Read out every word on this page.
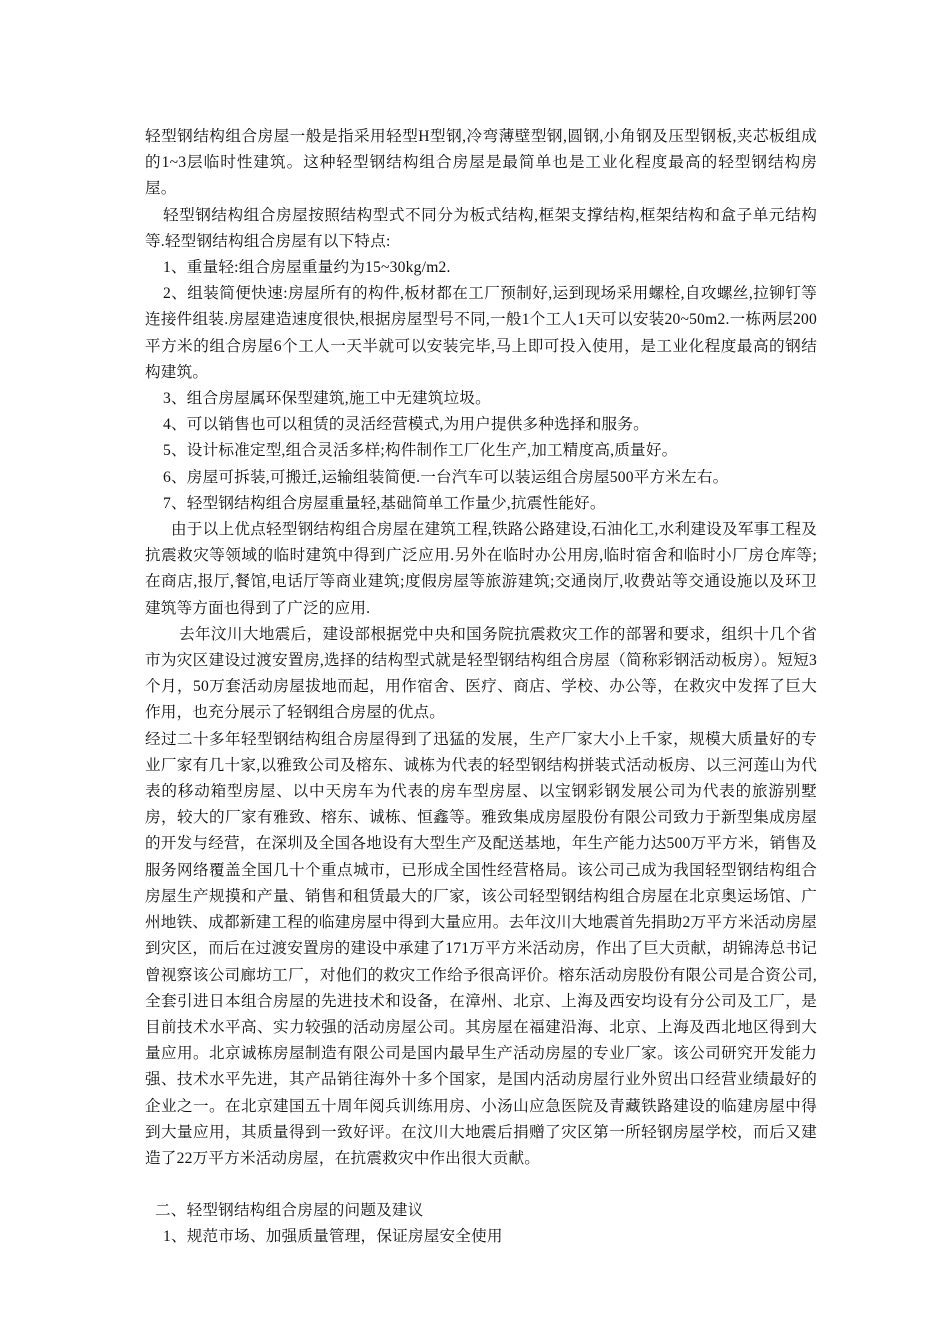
轻型钢结构组合房屋一般是指采用轻型H型钢,冷弯薄壁型钢,圆钢,小角钢及压型钢板,夹芯板组成的1~3层临时性建筑。这种轻型钢结构组合房屋是最简单也是工业化程度最高的轻型钢结构房屋。

轻型钢结构组合房屋按照结构型式不同分为板式结构,框架支撑结构,框架结构和盒子单元结构等.轻型钢结构组合房屋有以下特点:

1、重量轻:组合房屋重量约为15~30kg/m2.

2、组装简便快速:房屋所有的构件,板材都在工厂预制好,运到现场采用螺栓,自攻螺丝,拉铆钉等连接件组装.房屋建造速度很快,根据房屋型号不同,一般1个工人1天可以安装20~50m2.一栋两层200平方米的组合房屋6个工人一天半就可以安装完毕,马上即可投入使用，是工业化程度最高的钢结构建筑。

3、组合房屋属环保型建筑,施工中无建筑垃圾。

4、可以销售也可以租赁的灵活经营模式,为用户提供多种选择和服务。

5、设计标准定型,组合灵活多样;构件制作工厂化生产,加工精度高,质量好。

6、房屋可拆装,可搬迁,运输组装简便.一台汽车可以装运组合房屋500平方米左右。

7、轻型钢结构组合房屋重量轻,基础简单工作量少,抗震性能好。

由于以上优点轻型钢结构组合房屋在建筑工程,铁路公路建设,石油化工,水利建设及军事工程及抗震救灾等领域的临时建筑中得到广泛应用.另外在临时办公用房,临时宿舍和临时小厂房仓库等;在商店,报厅,餐馆,电话厅等商业建筑;度假房屋等旅游建筑;交通岗厅,收费站等交通设施以及环卫建筑等方面也得到了广泛的应用.

去年汶川大地震后，建设部根据党中央和国务院抗震救灾工作的部署和要求，组织十几个省市为灾区建设过渡安置房,选择的结构型式就是轻型钢结构组合房屋（简称彩钢活动板房）。短短3个月，50万套活动房屋拔地而起，用作宿舍、医疗、商店、学校、办公等，在救灾中发挥了巨大作用，也充分展示了轻钢组合房屋的优点。

经过二十多年轻型钢结构组合房屋得到了迅猛的发展，生产厂家大小上千家，规模大质量好的专业厂家有几十家,以雅致公司及榕东、诚栋为代表的轻型钢结构拼装式活动板房、以三河莲山为代表的移动箱型房屋、以中天房车为代表的房车型房屋、以宝钢彩钢发展公司为代表的旅游别墅房，较大的厂家有雅致、榕东、诚栋、恒鑫等。雅致集成房屋股份有限公司致力于新型集成房屋的开发与经营，在深圳及全国各地设有大型生产及配送基地，年生产能力达500万平方米，销售及服务网络覆盖全国几十个重点城市，已形成全国性经营格局。该公司己成为我国轻型钢结构组合房屋生产规摸和产量、销售和租赁最大的厂家，该公司轻型钢结构组合房屋在北京奥运场馆、广州地铁、成都新建工程的临建房屋中得到大量应用。去年汶川大地震首先捐助2万平方米活动房屋到灾区，而后在过渡安置房的建设中承建了171万平方米活动房，作出了巨大贡献，胡锦涛总书记曾视察该公司廊坊工厂，对他们的救灾工作给予很高评价。榕东活动房股份有限公司是合资公司,全套引进日本组合房屋的先进技术和设备，在漳州、北京、上海及西安均设有分公司及工厂，是目前技术水平高、实力较强的活动房屋公司。其房屋在福建沿海、北京、上海及西北地区得到大量应用。北京诚栋房屋制造有限公司是国内最早生产活动房屋的专业厂家。该公司研究开发能力强、技术水平先进，其产品销往海外十多个国家，是国内活动房屋行业外贸出口经营业绩最好的企业之一。在北京建国五十周年阅兵训练用房、小汤山应急医院及青藏铁路建设的临建房屋中得到大量应用，其质量得到一致好评。在汶川大地震后捐赠了灾区第一所轻钢房屋学校，而后又建造了22万平方米活动房屋，在抗震救灾中作出很大贡献。

二、轻型钢结构组合房屋的问题及建议

1、规范市场、加强质量管理，保证房屋安全使用
